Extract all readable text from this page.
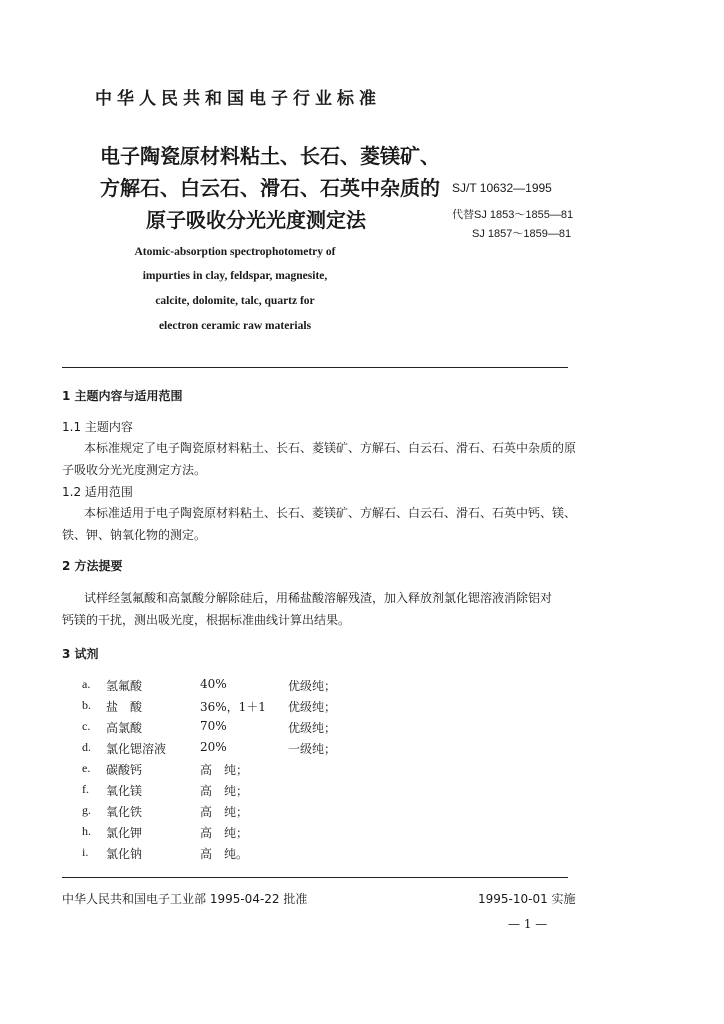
中华人民共和国电子行业标准
电子陶瓷原材料粘土、长石、菱镁矿、
方解石、白云石、滑石、石英中杂质的
原子吸收分光光度测定法
SJ/T 10632—1995
代替SJ 1853～1855—81
SJ 1857～1859—81
Atomic-absorption spectrophotometry of
impurties in clay, feldspar, magnesite,
calcite, dolomite, talc, quartz for
electron ceramic raw materials
1 主题内容与适用范围
1.1 主题内容
本标准规定了电子陶瓷原材料粘土、长石、菱镁矿、方解石、白云石、滑石、石英中杂质的原
子吸收分光光度测定方法。
1.2 适用范围
本标准适用于电子陶瓷原材料粘土、长石、菱镁矿、方解石、白云石、滑石、石英中钙、镁、
铁、钾、钠氧化物的测定。
2 方法提要
试样经氢氟酸和高氯酸分解除硅后，用稀盐酸溶解残渣，加入释放剂氯化锶溶液消除铝对
钙镁的干扰，测出吸光度，根据标准曲线计算出结果。
3 试剂
a. 氢氟酸	40%	优级纯；
b. 盐　酸	36%，1＋1 优级纯；
c. 高氯酸	70%	优级纯；
d. 氯化锶溶液	20%	一级纯；
e. 碳酸钙	高　纯；
f. 氧化镁	高　纯；
g. 氧化铁	高　纯；
h. 氯化钾	高　纯；
i. 氯化钠	高　纯。
中华人民共和国电子工业部 1995-04-22 批准	1995-10-01 实施
— 1 —
